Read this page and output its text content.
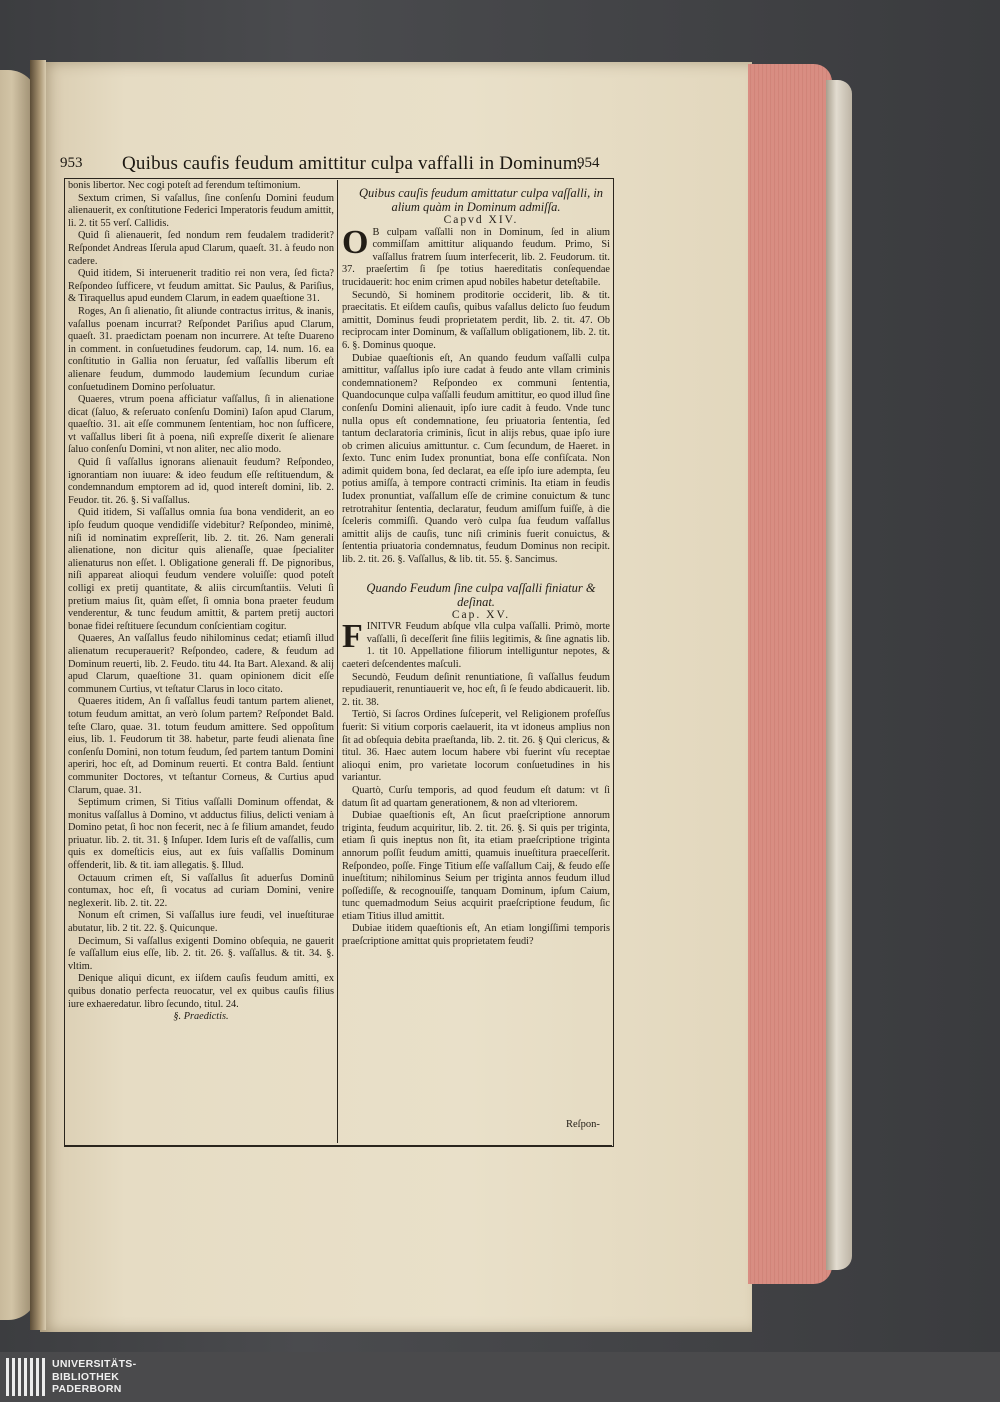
953 Quibus caufis feudum amittitur culpa vaffalli in Dominum.
954

bonis libertor. Nec cogi poteſt ad ferendum teſtimonium.

Sextum crimen, Si vaſallus, ſine conſenſu Domini feudum alienauerit, ex conſtitutione Federici Imperatoris feudum amittit, li. 2. tit 55 verſ. Callidis.

Quid ſi alienauerit, ſed nondum rem feudalem tradiderit? Reſpondet Andreas Iſerula apud Clarum, quaeſt. 31. à feudo non cadere.

Quid itidem, Si interuenerit traditio rei non vera, ſed ficta? Reſpondeo ſufficere, vt feudum amittat. Sic Paulus, & Pariſius, & Tiraquellus apud eundem Clarum, in eadem quaeſtione 31.

Roges, An ſi alienatio, ſit aliunde contractus irritus, & inanis, vaſallus poenam incurrat? Reſpondet Pariſius apud Clarum, quaeſt. 31. praedictam poenam non incurrere. At teſte Duareno in comment. in conſuetudines feudorum. cap, 14. num. 16. ea conſtitutio in Gallia non ſeruatur, ſed vaſſallis liberum eſt alienare feudum, dummodo laudemium ſecundum curiae conſuetudinem Domino perſoluatur.

Quaeres, vtrum poena afficiatur vaſſallus, ſi in alienatione dicat (ſaluo, & reſeruato conſenſu Domini) Iaſon apud Clarum, quaeſtio. 31. ait eſſe communem ſententiam, hoc non ſufficere, vt vaſſallus liberi ſit à poena, niſi expreſſe dixerit ſe alienare ſaluo conſenſu Domini, vt non aliter, nec alio modo.

Quid ſi vaſſallus ignorans alienauit feudum? Reſpondeo, ignorantiam non iuuare: & ideo feudum eſſe reſtituendum, & condemnandum emptorem ad id, quod intereſt domini, lib. 2. Feudor. tit. 26. §. Si vaſſallus.

Quid itidem, Si vaſſallus omnia ſua bona vendiderit, an eo ipſo feudum quoque vendidiſſe videbitur? Reſpondeo, minimè, niſi id nominatim expreſſerit, lib. 2. tit. 26. Nam generali alienatione, non dicitur quis alienaſſe, quae ſpecialiter alienaturus non eſſet. l. Obligatione generali ff. De pignoribus, niſi appareat alioqui feudum vendere voluiſſe: quod poteſt colligi ex pretij quantitate, & aliis circumſtantiis. Veluti ſi pretium maius ſit, quàm eſſet, ſi omnia bona praeter feudum venderentur, & tunc feudum amittit, & partem pretij auctori bonae fidei reſtituere ſecundum conſcientiam cogitur.

Quaeres, An vaſſallus feudo nihilominus cedat; etiamſi illud alienatum recuperauerit? Reſpondeo, cadere, & feudum ad Dominum reuerti, lib. 2. Feudo. titu 44. Ita Bart. Alexand. & alij apud Clarum, quaeſtione 31. quam opinionem dicit eſſe communem Curtius, vt teſtatur Clarus in loco citato.

Quaeres itidem, An ſi vaſſallus feudi tantum partem alienet, totum feudum amittat, an verò ſolum partem? Reſpondet Bald. teſte Claro, quae. 31. totum feudum amittere. Sed oppoſitum eius, lib. 1. Feudorum tit 38. habetur, parte feudi alienata ſine conſenſu Domini, non totum feudum, ſed partem tantum Domini aperiri, hoc eſt, ad Dominum reuerti. Et contra Bald. ſentiunt communiter Doctores, vt teſtantur Corneus, & Curtius apud Clarum, quae. 31.

Septimum crimen, Si Titius vaſſalli Dominum offendat, & monitus vaſſallus à Domino, vt adductus filius, delicti veniam à Domino petat, ſi hoc non fecerit, nec à ſe filium amandet, feudo priuatur. lib. 2. tit. 31. § Inſuper. Idem Iuris eſt de vaſſallis, cum quis ex domeſticis eius, aut ex ſuis vaſſallis Dominum offenderit, lib. & tit. iam allegatis. §. Illud.

Octauum crimen eſt, Si vaſſallus ſit aduerſus Dominū contumax, hoc eſt, ſi vocatus ad curiam Domini, venire neglexerit. lib. 2. tit. 22.

Nonum eſt crimen, Si vaſſallus iure feudi, vel inueſtiturae abutatur, lib. 2 tit. 22. §. Quicunque.

Decimum, Si vaſſallus exigenti Domino obſequia, ne gauerit ſe vaſſallum eius eſſe, lib. 2. tit. 26. §. vaſſallus. & tit. 34. §. vltim.

Denique aliqui dicunt, ex iiſdem cauſis feudum amitti, ex quibus donatio perfecta reuocatur, vel ex quibus cauſis filius iure exhaeredatur. libro ſecundo, titul. 24.

§. Praedictis.

Quibus cauſis feudum amittatur culpa vaſſalli, in alium quàm in Dominum admiſſa.

Capvd XIV.

O B culpam vaſſalli non in Dominum, ſed in alium commiſſam amittitur aliquando feudum. Primo, Si vaſſallus fratrem ſuum interfecerit, lib. 2. Feudorum. tit. 37. praeſertim ſi ſpe totius haereditatis conſequendae trucidauerit: hoc enim crimen apud nobiles habetur deteſtabile.

Secundò, Si hominem proditorie occiderit, lib. & tit. praecitatis. Et eiſdem cauſis, quibus vaſallus delicto ſuo feudum amittit, Dominus feudi proprietatem perdit, lib. 2. tit. 47. Ob reciprocam inter Dominum, & vaſſallum obligationem, lib. 2. tit. 6. §. Dominus quoque.

Dubiae quaeſtionis eſt, An quando feudum vaſſalli culpa amittitur, vaſſallus ipſo iure cadat à feudo ante vllam criminis condemnationem? Reſpondeo ex communi ſententia, Quandocunque culpa vaſſalli feudum amittitur, eo quod illud ſine conſenſu Domini alienauit, ipſo iure cadit à feudo. Vnde tunc nulla opus eſt condemnatione, ſeu priuatoria ſententia, ſed tantum declaratoria criminis, ſicut in alijs rebus, quae ipſo iure ob crimen alicuius amittuntur. c. Cum ſecundum, de Haeret. in ſexto. Tunc enim Iudex pronuntiat, bona eſſe confiſcata. Non adimit quidem bona, ſed declarat, ea eſſe ipſo iure adempta, ſeu potius amiſſa, à tempore contracti criminis. Ita etiam in feudis Iudex pronuntiat, vaſſallum eſſe de crimine conuictum & tunc retrotrahitur ſententia, declaratur, feudum amiſſum fuiſſe, à die ſceleris commiſſi. Quando verò culpa ſua feudum vaſſallus amittit alijs de cauſis, tunc niſi criminis fuerit conuictus, & ſententia priuatoria condemnatus, feudum Dominus non recipit. lib. 2. tit. 26. §. Vaſſallus, & lib. tit. 55. §. Sancimus.

Quando Feudum ſine culpa vaſſalli finiatur & deſinat.

Cap. XV.

FINITVR Feudum abſque vlla culpa vaſſalli. Primò, morte vaſſalli, ſi deceſſerit ſine filiis legitimis, & ſine agnatis lib. 1. tit 10. Appellatione filiorum intelliguntur nepotes, & caeteri deſcendentes maſculi.

Secundò, Feudum deſinit renuntiatione, ſi vaſſallus feudum repudiauerit, renuntiauerit ve, hoc eſt, ſi ſe feudo abdicauerit. lib. 2. tit. 38.

Tertiò, Si ſacros Ordines ſuſceperit, vel Religionem profeſſus fuerit: Si vitium corporis caelauerit, ita vt idoneus amplius non ſit ad obſequia debita praeſtanda, lib. 2. tit. 26. § Qui clericus, & titul. 36. Haec autem locum habere vbi fuerint vſu receptae alioqui enim, pro varietate locorum conſuetudines in his variantur.

Quartò, Curſu temporis, ad quod feudum eſt datum: vt ſi datum ſit ad quartam generationem, & non ad vlteriorem.

Dubiae quaeſtionis eſt, An ſicut praeſcriptione annorum triginta, feudum acquiritur, lib. 2. tit. 26. §. Si quis per triginta, etiam ſi quis ineptus non ſit, ita etiam praeſcriptione triginta annorum poſſit feudum amitti, quamuis inueſtitura praeceſſerit. Reſpondeo, poſſe. Finge Titium eſſe vaſſallum Caij, & feudo eſſe inueſtitum; nihilominus Seium per triginta annos feudum illud poſſediſſe, & recognouiſſe, tanquam Dominum, ipſum Caium, tunc quemadmodum Seius acquirit praeſcriptione feudum, ſic etiam Titius illud amittit.

Dubiae itidem quaeſtionis eſt, An etiam longiſſimi temporis praeſcriptione amittat quis proprietatem feudi?

Reſpon-
UNIVERSITÄTS-
BIBLIOTHEK
PADERBORN
